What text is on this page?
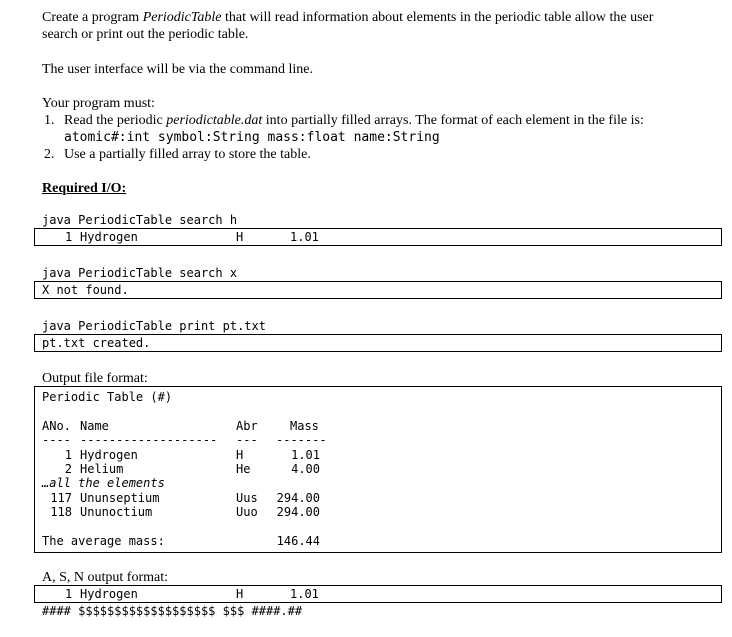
Create a program PeriodicTable that will read information about elements in the periodic table allow the user
search or print out the periodic table.
The user interface will be via the command line.
Your program must:
1. Read the periodic periodictable.dat into partially filled arrays. The format of each element in the file is:
atomic#:int symbol:String mass:float name:String
2. Use a partially filled array to store the table.
Required I/O:
java PeriodicTable search h
1 Hydrogen	H	1.01
java PeriodicTable search x
X not found.
java PeriodicTable print pt.txt
pt.txt created.
Output file format:
Periodic Table (#)
ANo. Name	Abr	Mass
---- ------------------- --- -------
1 Hydrogen	H	1.01
2 Helium	He	4.00
…all the elements
117 Ununseptium	Uus	294.00
118 Ununoctium	Uuo	294.00
The average mass:	146.44
A, S, N output format:
1 Hydrogen	H	1.01
#### $$$$$$$$$$$$$$$$$$$ $$$ ####.##
